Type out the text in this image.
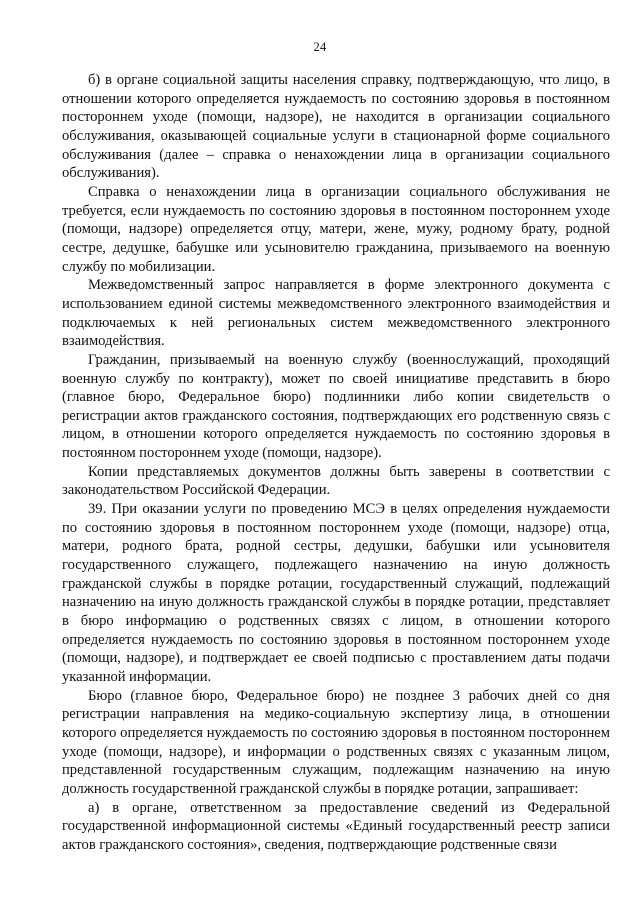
24

б) в органе социальной защиты населения справку, подтверждающую, что лицо, в отношении которого определяется нуждаемость по состоянию здоровья в постоянном постороннем уходе (помощи, надзоре), не находится в организации социального обслуживания, оказывающей социальные услуги в стационарной форме социального обслуживания (далее – справка о ненахождении лица в организации социального обслуживания).

Справка о ненахождении лица в организации социального обслуживания не требуется, если нуждаемость по состоянию здоровья в постоянном постороннем уходе (помощи, надзоре) определяется отцу, матери, жене, мужу, родному брату, родной сестре, дедушке, бабушке или усыновителю гражданина, призываемого на военную службу по мобилизации.

Межведомственный запрос направляется в форме электронного документа с использованием единой системы межведомственного электронного взаимодействия и подключаемых к ней региональных систем межведомственного электронного взаимодействия.

Гражданин, призываемый на военную службу (военнослужащий, проходящий военную службу по контракту), может по своей инициативе представить в бюро (главное бюро, Федеральное бюро) подлинники либо копии свидетельств о регистрации актов гражданского состояния, подтверждающих его родственную связь с лицом, в отношении которого определяется нуждаемость по состоянию здоровья в постоянном постороннем уходе (помощи, надзоре).

Копии представляемых документов должны быть заверены в соответствии с законодательством Российской Федерации.

39. При оказании услуги по проведению МСЭ в целях определения нуждаемости по состоянию здоровья в постоянном постороннем уходе (помощи, надзоре) отца, матери, родного брата, родной сестры, дедушки, бабушки или усыновителя государственного служащего, подлежащего назначению на иную должность гражданской службы в порядке ротации, государственный служащий, подлежащий назначению на иную должность гражданской службы в порядке ротации, представляет в бюро информацию о родственных связях с лицом, в отношении которого определяется нуждаемость по состоянию здоровья в постоянном постороннем уходе (помощи, надзоре), и подтверждает ее своей подписью с проставлением даты подачи указанной информации.

Бюро (главное бюро, Федеральное бюро) не позднее 3 рабочих дней со дня регистрации направления на медико-социальную экспертизу лица, в отношении которого определяется нуждаемость по состоянию здоровья в постоянном постороннем уходе (помощи, надзоре), и информации о родственных связях с указанным лицом, представленной государственным служащим, подлежащим назначению на иную должность государственной гражданской службы в порядке ротации, запрашивает:

а) в органе, ответственном за предоставление сведений из Федеральной государственной информационной системы «Единый государственный реестр записи актов гражданского состояния», сведения, подтверждающие родственные связи
